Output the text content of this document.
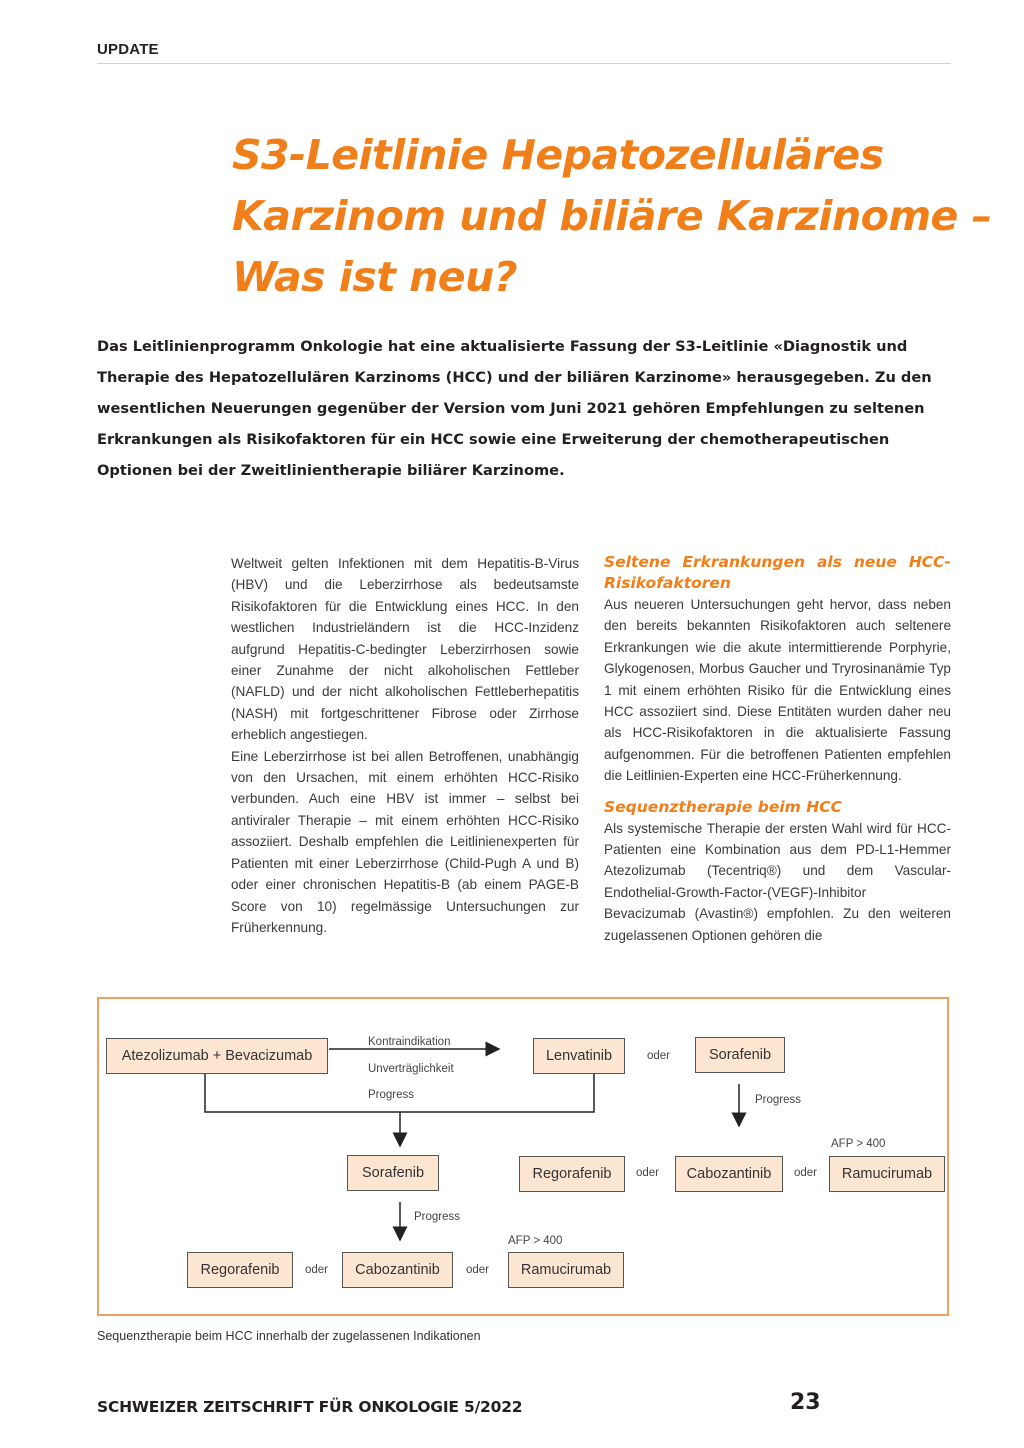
UPDATE
S3-Leitlinie Hepatozelluläres
Karzinom und biliäre Karzinome –
Was ist neu?
Das Leitlinienprogramm Onkologie hat eine aktualisierte Fassung der S3-Leitlinie «Diagnostik und Therapie des Hepatozellulären Karzinoms (HCC) und der biliären Karzinome» herausgegeben. Zu den wesentlichen Neuerungen gegenüber der Version vom Juni 2021 gehören Empfehlungen zu seltenen Erkrankungen als Risikofaktoren für ein HCC sowie eine Erweiterung der chemotherapeutischen Optionen bei der Zweitlinientherapie biliärer Karzinome.

Weltweit gelten Infektionen mit dem Hepatitis-B-Virus (HBV) und die Leberzirrhose als bedeutsamste Risikofaktoren für die Entwicklung eines HCC. In den westlichen Industrieländern ist die HCC-Inzidenz aufgrund Hepatitis-C-bedingter Leberzirrhosen sowie einer Zunahme der nicht alkoholischen Fettleber (NAFLD) und der nicht alkoholischen Fettleberhepatitis (NASH) mit fortgeschrittener Fibrose oder Zirrhose erheblich angestiegen.

Eine Leberzirrhose ist bei allen Betroffenen, unabhängig von den Ursachen, mit einem erhöhten HCC-Risiko verbunden. Auch eine HBV ist immer – selbst bei antiviraler Therapie – mit einem erhöhten HCC-Risiko assoziiert. Deshalb empfehlen die Leitlinienexperten für Patienten mit einer Leberzirrhose (Child-Pugh A und B) oder einer chronischen Hepatitis-B (ab einem PAGE-B Score von 10) regelmässige Untersuchungen zur Früherkennung.

Seltene Erkrankungen als neue HCC-Risikofaktoren

Aus neueren Untersuchungen geht hervor, dass neben den bereits bekannten Risikofaktoren auch seltenere Erkrankungen wie die akute intermittierende Porphyrie, Glykogenosen, Morbus Gaucher und Tryrosinanämie Typ 1 mit einem erhöhten Risiko für die Entwicklung eines HCC assoziiert sind. Diese Entitäten wurden daher neu als HCC-Risikofaktoren in die aktualisierte Fassung aufgenommen. Für die betroffenen Patienten empfehlen die Leitlinien-Experten eine HCC-Früherkennung.

Sequenztherapie beim HCC

Als systemische Therapie der ersten Wahl wird für HCC-Patienten eine Kombination aus dem PD-L1-Hemmer Atezolizumab (Tecentriq®) und dem Vascular-Endothelial-Growth-Factor-(VEGF)-Inhibitor Bevacizumab (Avastin®) empfohlen. Zu den weiteren zugelassenen Optionen gehören die

Atezolizumab + Bevacizumab
Kontraindikation
Unverträglichkeit
Progress
Lenvatinib	oder	Sorafenib
Progress
Sorafenib	Regorafenib	oder	Cabozantinib	oder
AFP > 400
Ramucirumab
Progress
Regorafenib	oder	Cabozantinib	oder
AFP > 400
Ramucirumab
Sequenztherapie beim HCC innerhalb der zugelassenen Indikationen
SCHWEIZER ZEITSCHRIFT FÜR ONKOLOGIE 5/2022	23
